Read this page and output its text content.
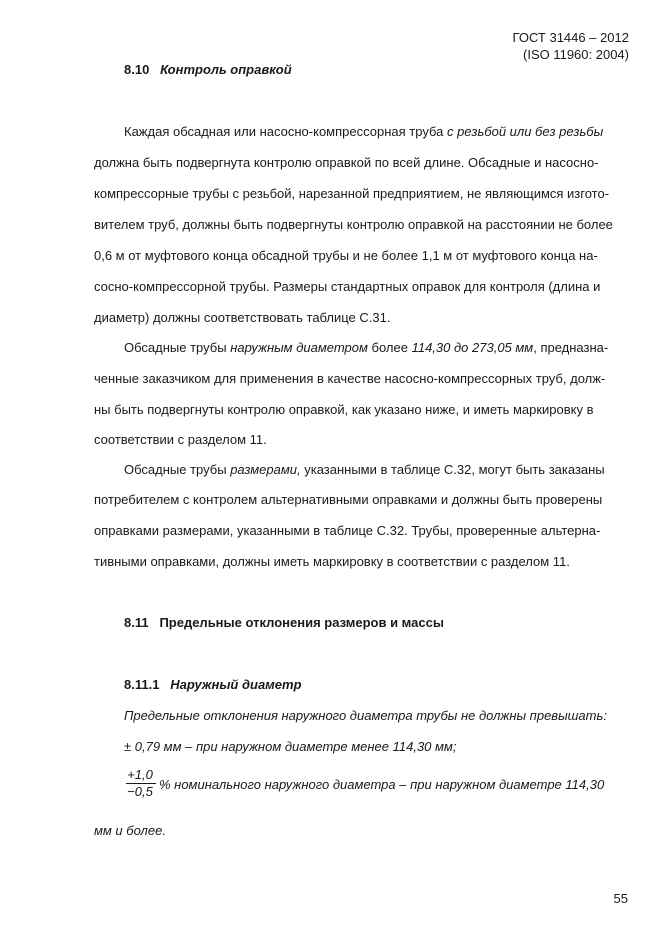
ГОСТ 31446 – 2012
(ISO 11960: 2004)
8.10 Контроль оправкой
Каждая обсадная или насосно-компрессорная труба с резьбой или без резьбы
должна быть подвергнута контролю оправкой по всей длине. Обсадные и насосно-
компрессорные трубы с резьбой, нарезанной предприятием, не являющимся изгото-
вителем труб, должны быть подвергнуты контролю оправкой на расстоянии не более
0,6 м от муфтового конца обсадной трубы и не более 1,1 м от муфтового конца на-
сосно-компрессорной трубы. Размеры стандартных оправок для контроля (длина и
диаметр) должны соответствовать таблице С.31.
Обсадные трубы наружным диаметром более 114,30 до 273,05 мм, предназна-
ченные заказчиком для применения в качестве насосно-компрессорных труб, долж-
ны быть подвергнуты контролю оправкой, как указано ниже, и иметь маркировку в
соответствии с разделом 11.
Обсадные трубы размерами, указанными в таблице С.32, могут быть заказаны
потребителем с контролем альтернативными оправками и должны быть проверены
оправками размерами, указанными в таблице С.32. Трубы, проверенные альтерна-
тивными оправками, должны иметь маркировку в соответствии с разделом 11.
8.11 Предельные отклонения размеров и массы
8.11.1 Наружный диаметр
Предельные отклонения наружного диаметра трубы не должны превышать:
± 0,79 мм – при наружном диаметре менее 114,30 мм;
+1,0
−0,5 % номинального наружного диаметра – при наружном диаметре 114,30
мм и более.
55
